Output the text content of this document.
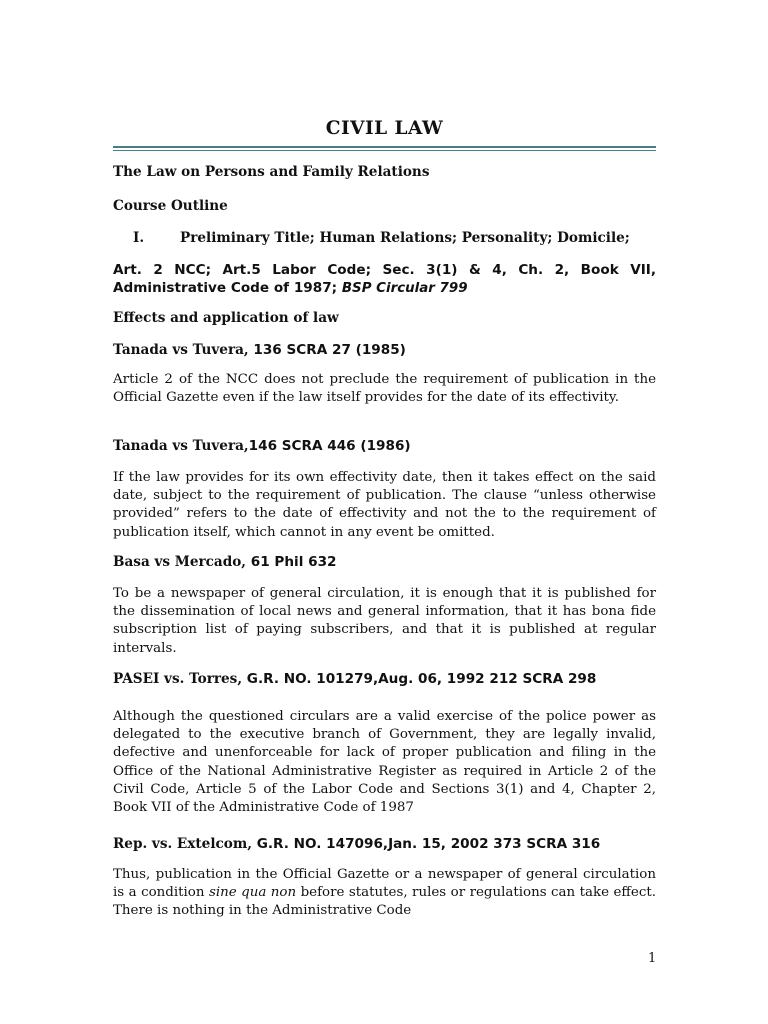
CIVIL LAW
The Law on Persons and Family Relations
Course Outline
I.	Preliminary Title; Human Relations; Personality; Domicile;
Art. 2 NCC; Art.5 Labor Code; Sec. 3(1) & 4, Ch. 2, Book VII,
Administrative Code of 1987; BSP Circular 799
Effects and application of law
Tanada vs Tuvera, 136 SCRA 27 (1985)

Article 2 of the NCC does not preclude the requirement of publication in the Official Gazette even if the law itself provides for the date of its effectivity.

Tanada vs Tuvera,146 SCRA 446 (1986)

If the law provides for its own effectivity date, then it takes effect on the said date, subject to the requirement of publication. The clause “unless otherwise provided” refers to the date of effectivity and not the to the requirement of publication itself, which cannot in any event be omitted.

Basa vs Mercado, 61 Phil 632

To be a newspaper of general circulation, it is enough that it is published for the dissemination of local news and general information, that it has bona fide subscription list of paying subscribers, and that it is published at regular intervals.

PASEI vs. Torres, G.R. NO. 101279,Aug. 06, 1992 212 SCRA 298

Although the questioned circulars are a valid exercise of the police power as delegated to the executive branch of Government, they are legally invalid, defective and unenforceable for lack of proper publication and filing in the Office of the National Administrative Register as required in Article 2 of the Civil Code, Article 5 of the Labor Code and Sections 3(1) and 4, Chapter 2, Book VII of the Administrative Code of 1987

Rep. vs. Extelcom, G.R. NO. 147096,Jan. 15, 2002 373 SCRA 316

Thus, publication in the Official Gazette or a newspaper of general circulation is a condition sine qua non before statutes, rules or regulations can take effect. There is nothing in the Administrative Code

1
